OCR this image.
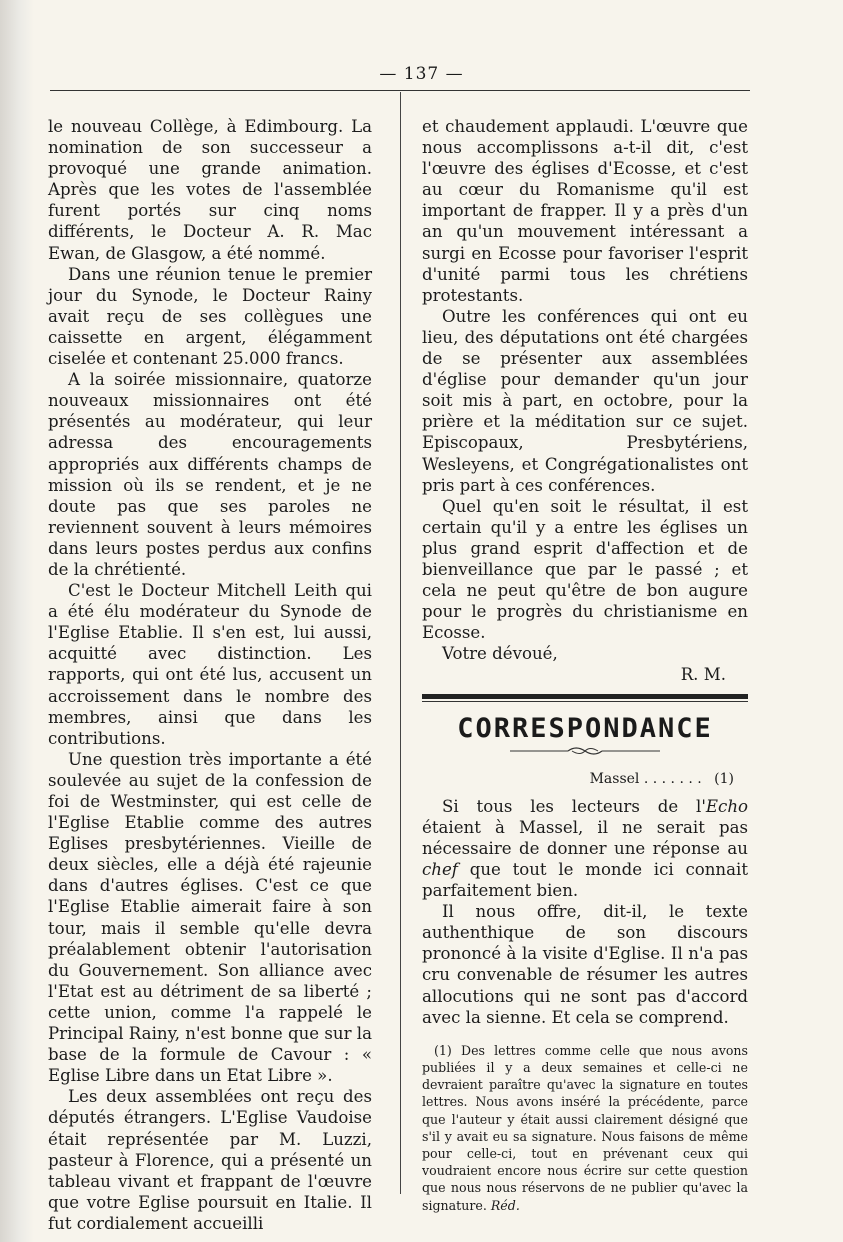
— 137 —

le nouveau Collège, à Edimbourg. La nomination de son successeur a provoqué une grande animation. Après que les votes de l'assemblée furent portés sur cinq noms différents, le Docteur A. R. Mac Ewan, de Glasgow, a été nommé.

Dans une réunion tenue le premier jour du Synode, le Docteur Rainy avait reçu de ses collègues une caissette en argent, élégamment ciselée et contenant 25.000 francs.

A la soirée missionnaire, quatorze nouveaux missionnaires ont été présentés au modérateur, qui leur adressa des encouragements appropriés aux différents champs de mission où ils se rendent, et je ne doute pas que ses paroles ne reviennent souvent à leurs mémoires dans leurs postes perdus aux confins de la chrétienté.

C'est le Docteur Mitchell Leith qui a été élu modérateur du Synode de l'Eglise Etablie. Il s'en est, lui aussi, acquitté avec distinction. Les rapports, qui ont été lus, accusent un accroissement dans le nombre des membres, ainsi que dans les contributions.

Une question très importante a été soulevée au sujet de la confession de foi de Westminster, qui est celle de l'Eglise Etablie comme des autres Eglises presbytériennes. Vieille de deux siècles, elle a déjà été rajeunie dans d'autres églises. C'est ce que l'Eglise Etablie aimerait faire à son tour, mais il semble qu'elle devra préalablement obtenir l'autorisation du Gouvernement. Son alliance avec l'Etat est au détriment de sa liberté ; cette union, comme l'a rappelé le Principal Rainy, n'est bonne que sur la base de la formule de Cavour : « Eglise Libre dans un Etat Libre ».

Les deux assemblées ont reçu des députés étrangers. L'Eglise Vaudoise était représentée par M. Luzzi, pasteur à Florence, qui a présenté un tableau vivant et frappant de l'œuvre que votre Eglise poursuit en Italie. Il fut cordialement accueilli

et chaudement applaudi. L'œuvre que nous accomplissons a-t-il dit, c'est l'œuvre des églises d'Ecosse, et c'est au cœur du Romanisme qu'il est important de frapper. Il y a près d'un an qu'un mouvement intéressant a surgi en Ecosse pour favoriser l'esprit d'unité parmi tous les chrétiens protestants.

Outre les conférences qui ont eu lieu, des députations ont été chargées de se présenter aux assemblées d'église pour demander qu'un jour soit mis à part, en octobre, pour la prière et la méditation sur ce sujet. Episcopaux, Presbytériens, Wesleyens, et Congrégationalistes ont pris part à ces conférences.

Quel qu'en soit le résultat, il est certain qu'il y a entre les églises un plus grand esprit d'affection et de bienveillance que par le passé ; et cela ne peut qu'être de bon augure pour le progrès du christianisme en Ecosse.

Votre dévoué,

R. M.

CORRESPONDANCE

Massel . . . . . . . (1)

Si tous les lecteurs de l'Echo étaient à Massel, il ne serait pas nécessaire de donner une réponse au chef que tout le monde ici connait parfaitement bien.

Il nous offre, dit-il, le texte authenthique de son discours prononcé à la visite d'Eglise. Il n'a pas cru convenable de résumer les autres allocutions qui ne sont pas d'accord avec la sienne. Et cela se comprend.

(1) Des lettres comme celle que nous avons publiées il y a deux semaines et celle-ci ne devraient paraître qu'avec la signature en toutes lettres. Nous avons inséré la précédente, parce que l'auteur y était aussi clairement désigné que s'il y avait eu sa signature. Nous faisons de même pour celle-ci, tout en prévenant ceux qui voudraient encore nous écrire sur cette question que nous nous réservons de ne publier qu'avec la signature. Réd.
